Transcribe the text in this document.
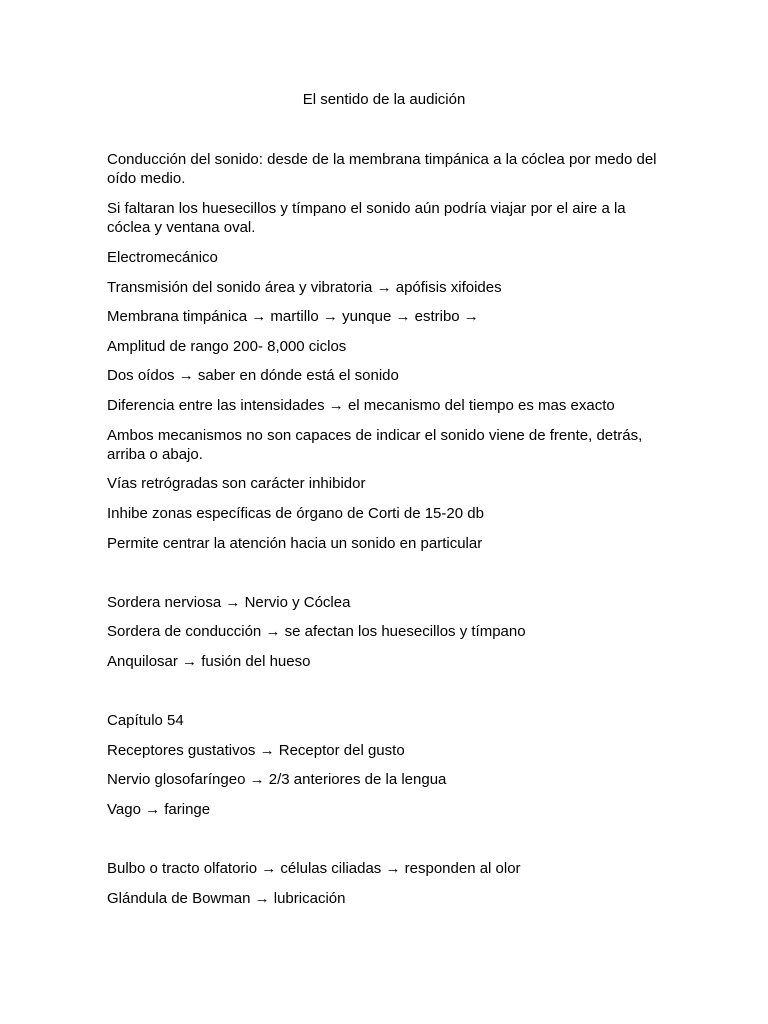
El sentido de la audición

Conducción del sonido: desde de la membrana timpánica a la cóclea por medo del oído medio.

Si faltaran los huesecillos y tímpano el sonido aún podría viajar por el aire a la cóclea y ventana oval.

Electromecánico

Transmisión del sonido área y vibratoria → apófisis xifoides

Membrana timpánica → martillo → yunque → estribo →

Amplitud de rango 200- 8,000 ciclos

Dos oídos → saber en dónde está el sonido

Diferencia entre las intensidades → el mecanismo del tiempo es mas exacto

Ambos mecanismos no son capaces de indicar el sonido viene de frente, detrás, arriba o abajo.

Vías retrógradas son carácter inhibidor

Inhibe zonas específicas de órgano de Corti de 15-20 db

Permite centrar la atención hacia un sonido en particular

Sordera nerviosa → Nervio y Cóclea

Sordera de conducción → se afectan los huesecillos y tímpano

Anquilosar → fusión del hueso

Capítulo 54

Receptores gustativos → Receptor del gusto

Nervio glosofaríngeo → 2/3 anteriores de la lengua

Vago → faringe

Bulbo o tracto olfatorio → células ciliadas → responden al olor

Glándula de Bowman → lubricación
